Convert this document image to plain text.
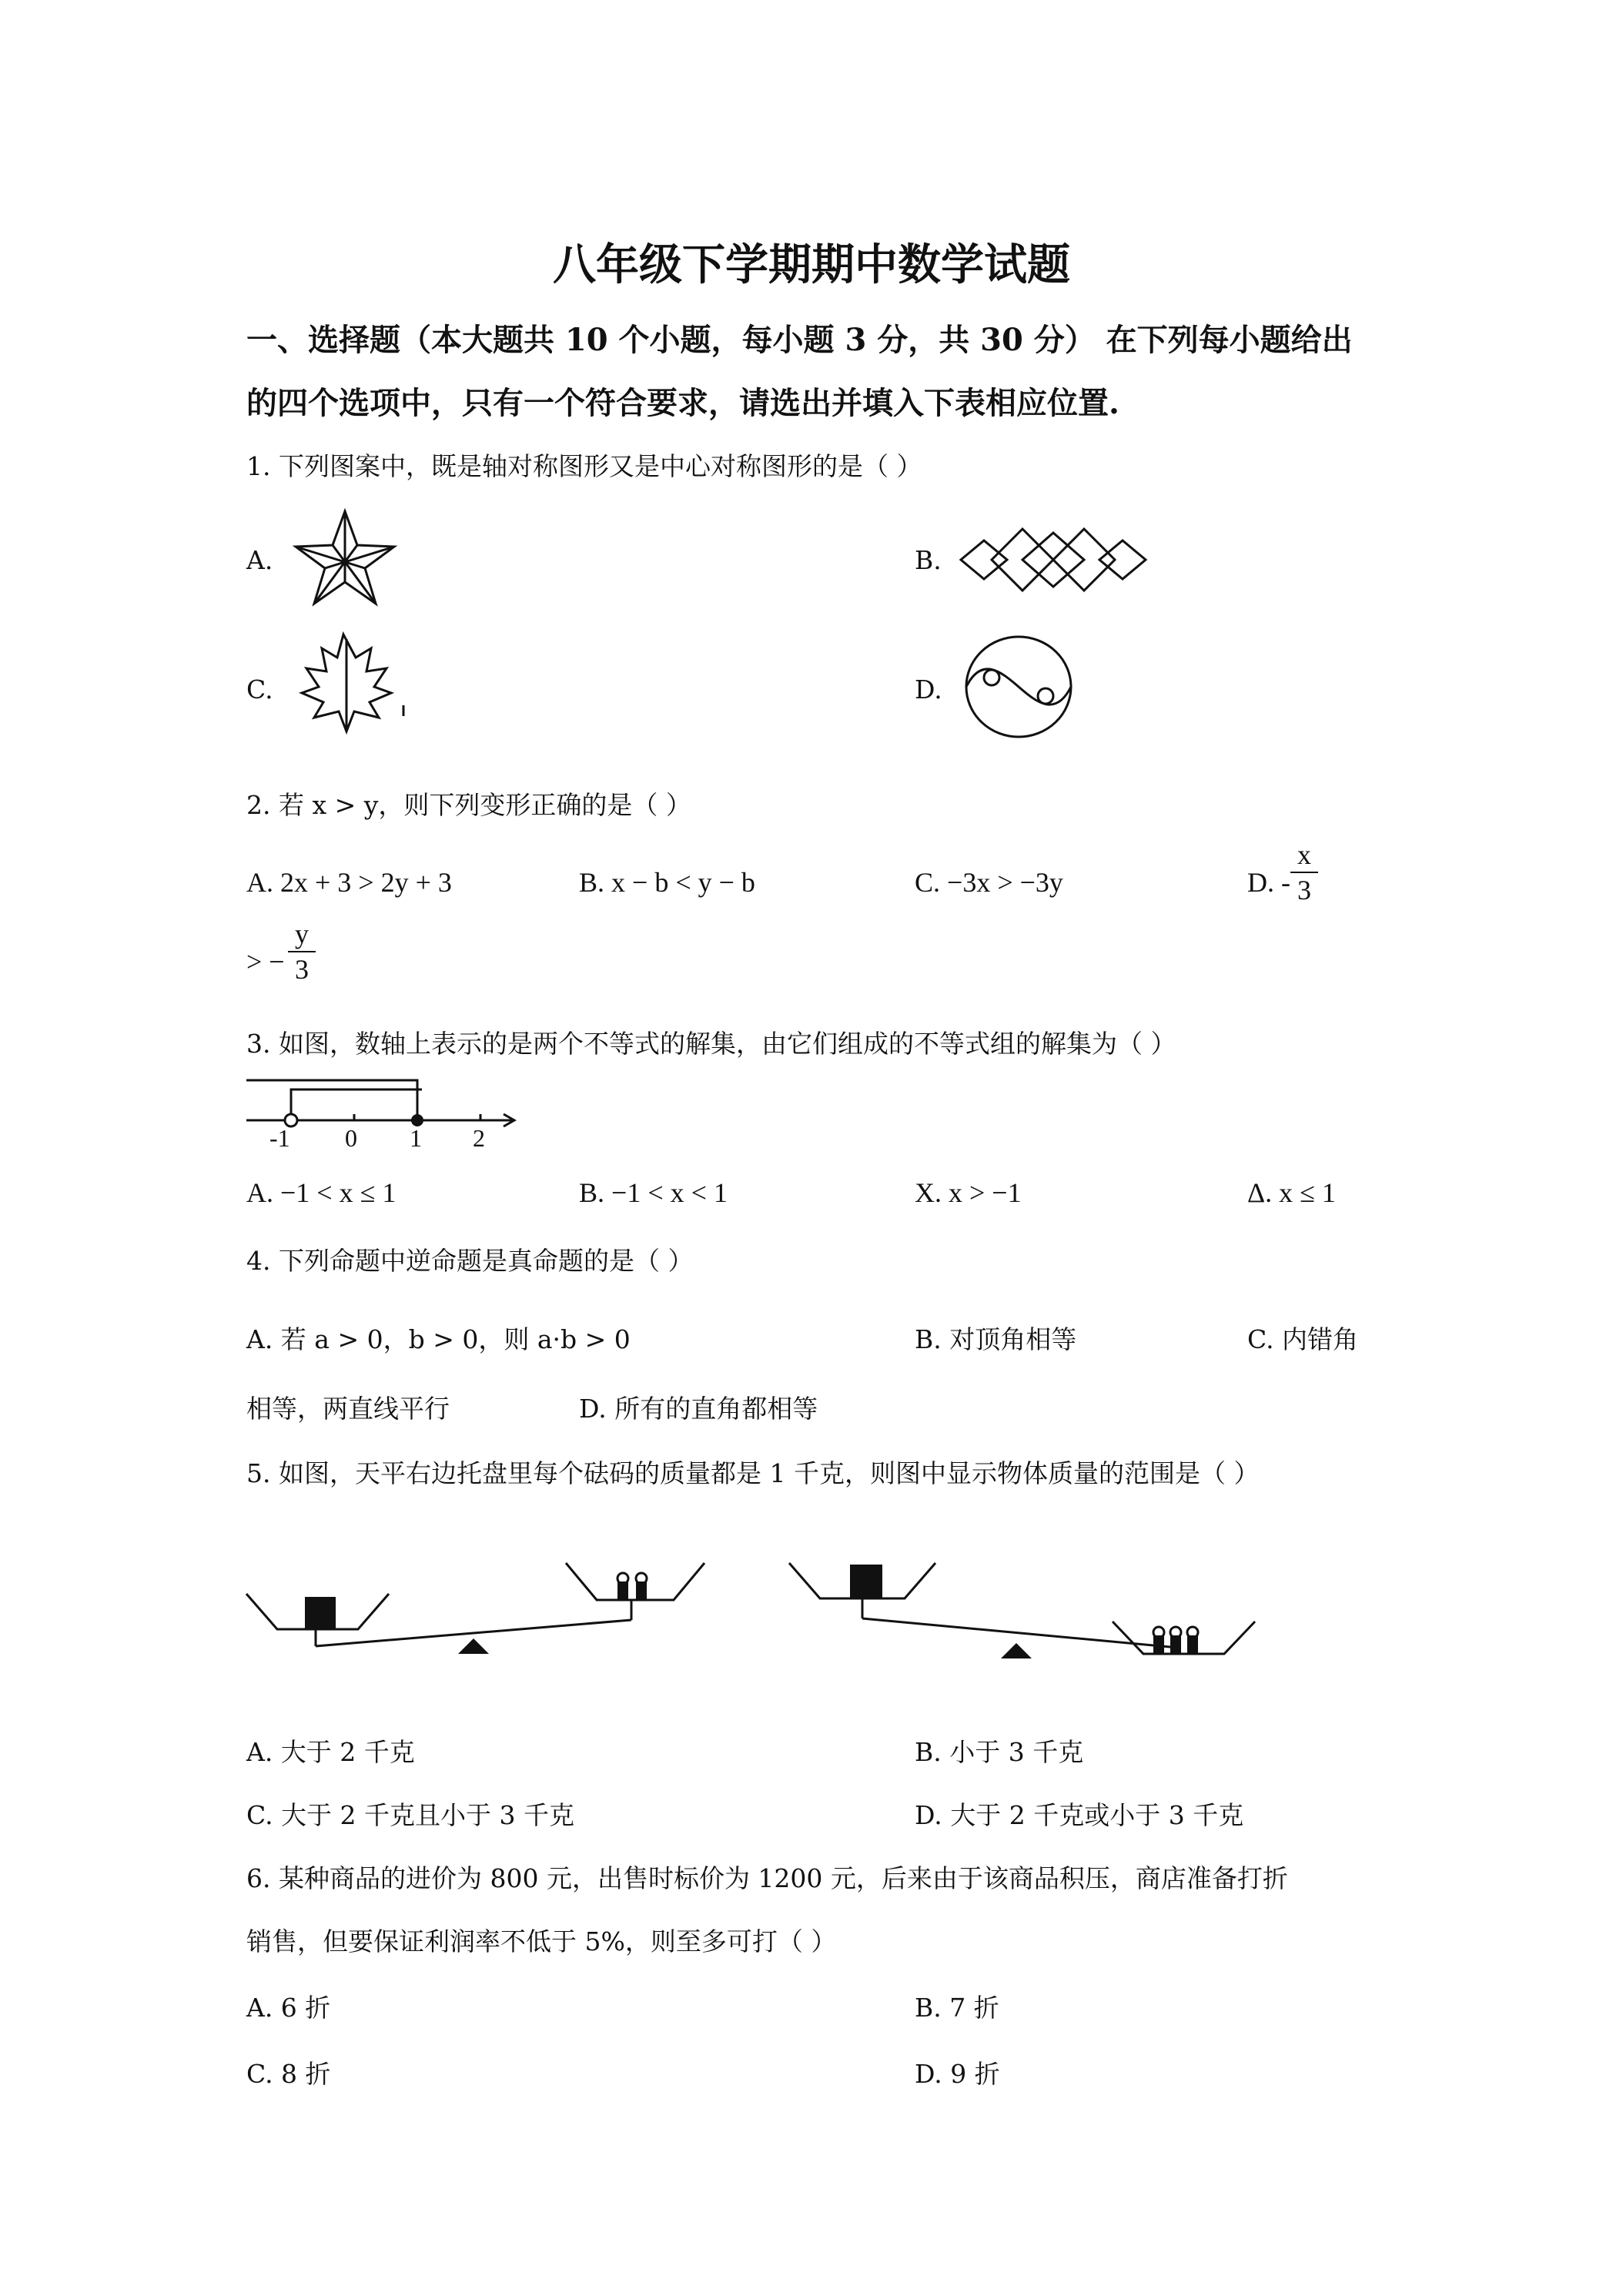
八年级下学期期中数学试题
一、选择题（本大题共 10 个小题，每小题 3 分，共 30 分） 在下列每小题给出
的四个选项中，只有一个符合要求，请选出并填入下表相应位置.
1. 下列图案中，既是轴对称图形又是中心对称图形的是（ ）
A.	B.
C.	D.
2. 若 x > y，则下列变形正确的是（ ）
A. 2x + 3 > 2y + 3	B. x − b < y − b	C. −3x > −3y	D. -
x
3
> −
y
3
3. 如图，数轴上表示的是两个不等式的解集，由它们组成的不等式组的解集为（ ）
-1 0 1 2
A. −1 < x ≤ 1	B. −1 < x < 1	X. x > −1	Δ. x ≤ 1
4. 下列命题中逆命题是真命题的是（ ）
A. 若 a > 0，b > 0，则 a·b > 0	B. 对顶角相等	C. 内错角
相等，两直线平行	D. 所有的直角都相等
5. 如图，天平右边托盘里每个砝码的质量都是 1 千克，则图中显示物体质量的范围是（ ）
A. 大于 2 千克	B. 小于 3 千克
C. 大于 2 千克且小于 3 千克	D. 大于 2 千克或小于 3 千克
6. 某种商品的进价为 800 元，出售时标价为 1200 元，后来由于该商品积压，商店准备打折
销售，但要保证利润率不低于 5%，则至多可打（ ）
A. 6 折	B. 7 折
C. 8 折	D. 9 折
